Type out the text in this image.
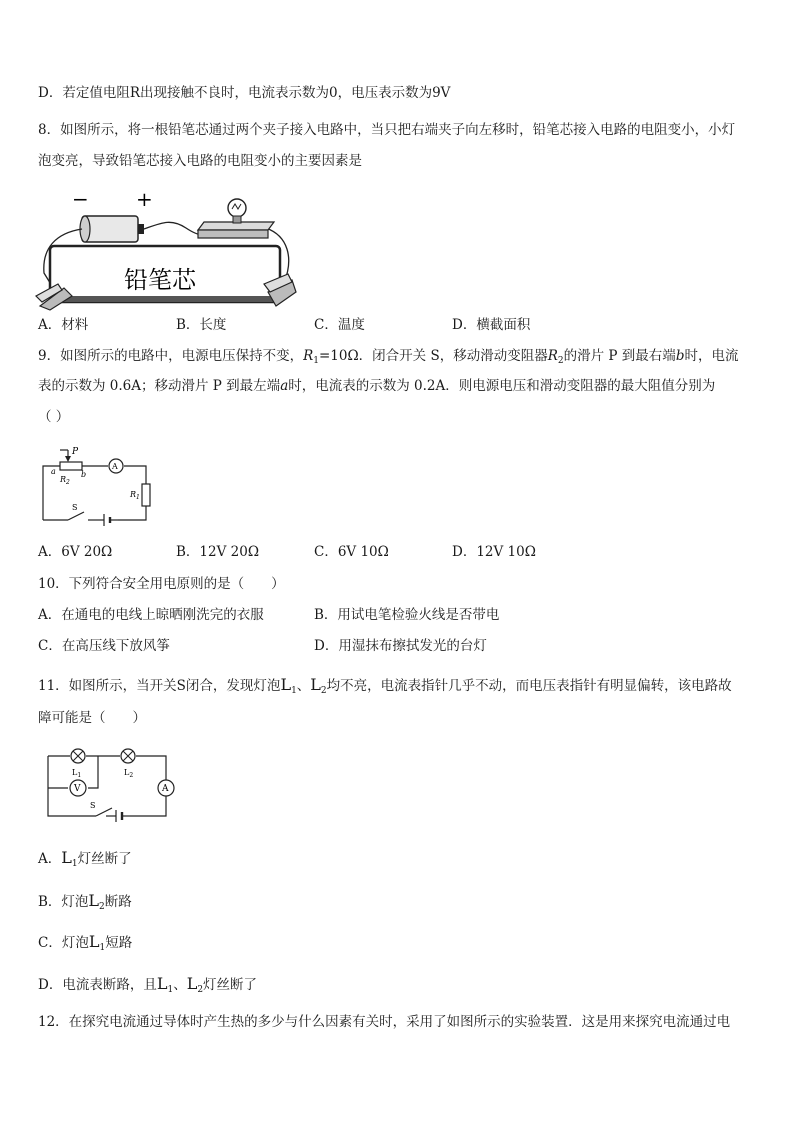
D．若定值电阻R出现接触不良时，电流表示数为0，电压表示数为9V
8．如图所示，将一根铅笔芯通过两个夹子接入电路中，当只把右端夹子向左移时，铅笔芯接入电路的电阻变小，小灯
泡变亮，导致铅笔芯接入电路的电阻变小的主要因素是
− +
铅笔芯
A．材料	B．长度	C．温度	D．横截面积
9．如图所示的电路中，电源电压保持不变，$R_1=10\Omega$．闭合开关 S，移动滑动变阻器$R_2$的滑片 P 到最右端b时，电流
表的示数为 0.6A；移动滑片 P 到最左端a时，电流表的示数为 0.2A．则电源电压和滑动变阻器的最大阻值分别为
（ ）
P
a	b
$R_2$
A
$R_1$
S
A．6V 20Ω	B．12V 20Ω	C．6V 10Ω	D．12V 10Ω
10．下列符合安全用电原则的是（　　）
A．在通电的电线上晾晒刚洗完的衣服	B．用试电笔检验火线是否带电
C．在高压线下放风筝	D．用湿抹布擦拭发光的台灯
11．如图所示，当开关S闭合，发现灯泡$L_1$、$L_2$均不亮，电流表指针几乎不动，而电压表指针有明显偏转，该电路故
障可能是（　　）
$L_1$	$L_2$
V	A
S
A．$L_1$灯丝断了
B．灯泡$L_2$断路
C．灯泡$L_1$短路
D．电流表断路，且$L_1$、$L_2$灯丝断了
12．在探究电流通过导体时产生热的多少与什么因素有关时，采用了如图所示的实验装置．这是用来探究电流通过电
